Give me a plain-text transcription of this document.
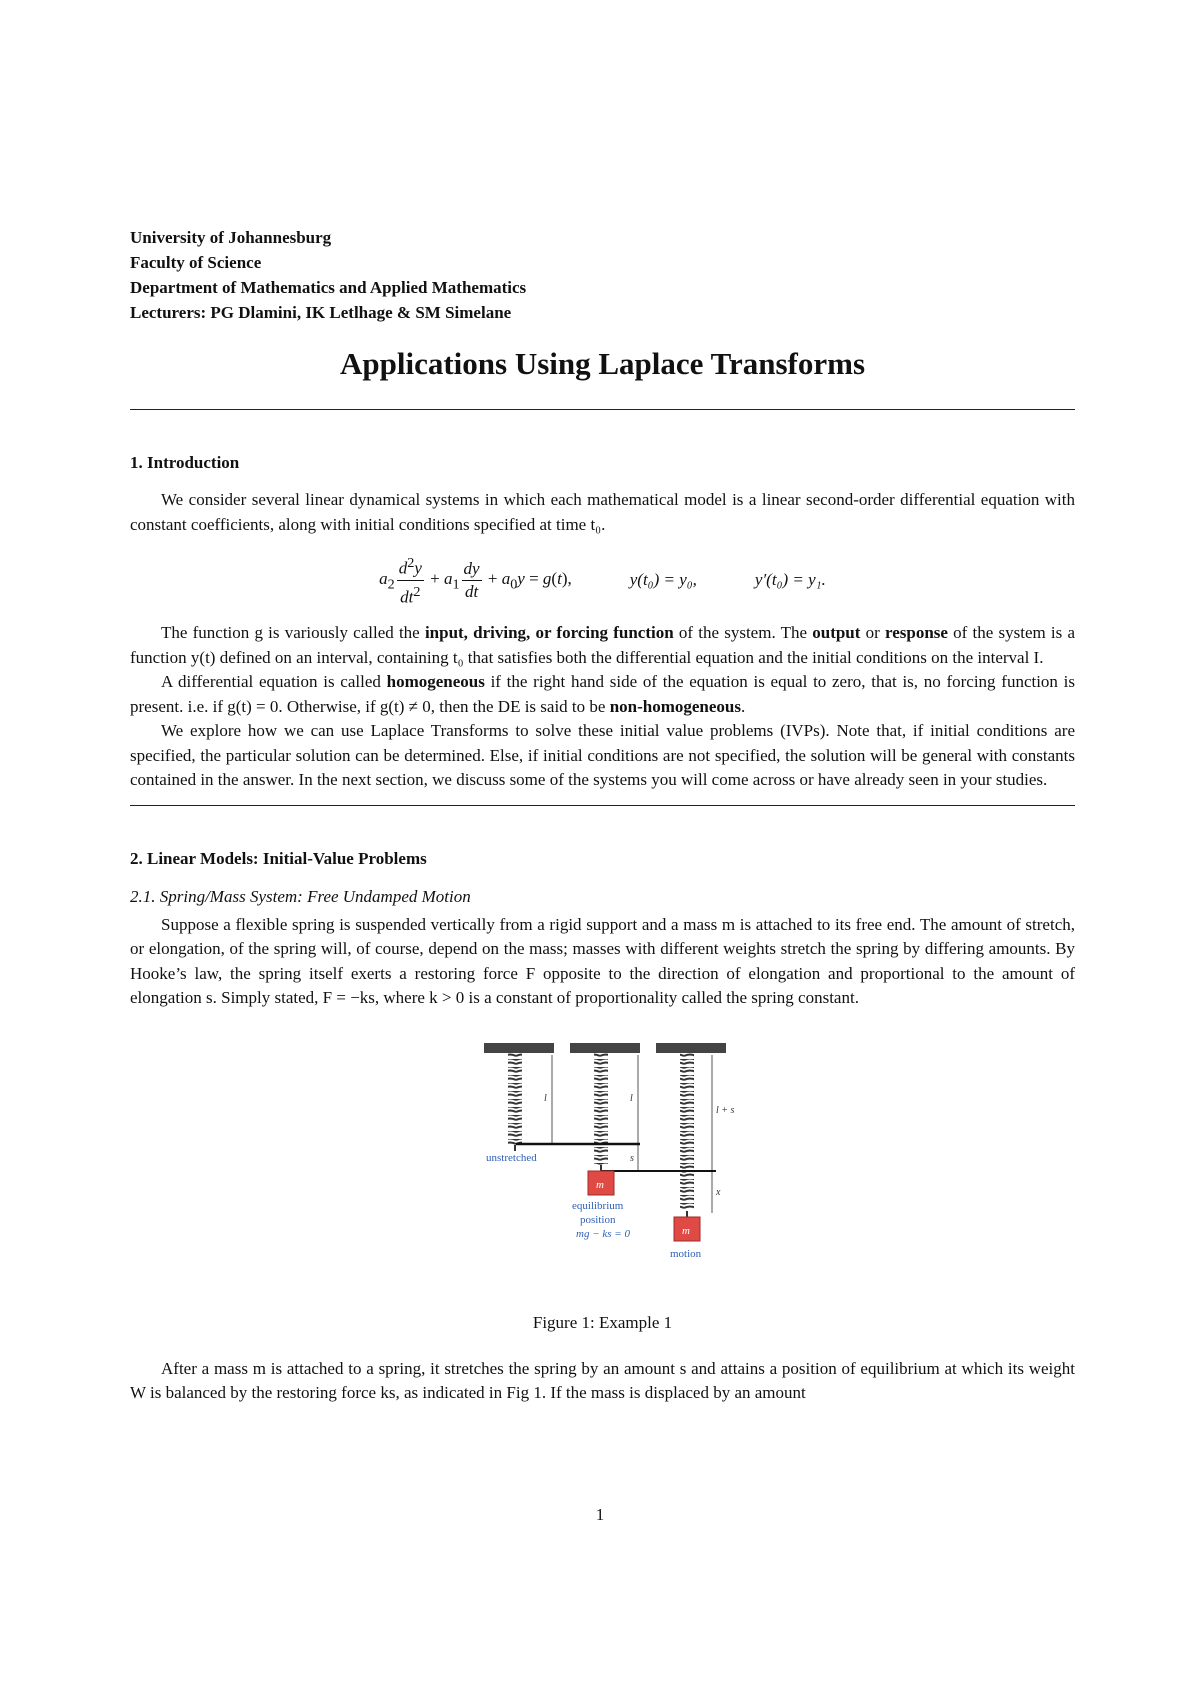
University of Johannesburg
Faculty of Science
Department of Mathematics and Applied Mathematics
Lecturers: PG Dlamini, IK Letlhage & SM Simelane
Applications Using Laplace Transforms
1. Introduction

We consider several linear dynamical systems in which each mathematical model is a linear second-order differential equation with constant coefficients, along with initial conditions specified at time t₀.

$a_2 \frac{d^2y}{dt^2} + a_1 \frac{dy}{dt} + a_0y = g(t)$,	y(t₀) = y₀,	y′(t₀) = y₁.

The function g is variously called the input, driving, or forcing function of the system. The output or response of the system is a function y(t) defined on an interval, containing t₀ that satisfies both the differential equation and the initial conditions on the interval I.

A differential equation is called homogeneous if the right hand side of the equation is equal to zero, that is, no forcing function is present. i.e. if g(t) = 0. Otherwise, if g(t) ≠ 0, then the DE is said to be non-homogeneous.

We explore how we can use Laplace Transforms to solve these initial value problems (IVPs). Note that, if initial conditions are specified, the particular solution can be determined. Else, if initial conditions are not specified, the solution will be general with constants contained in the answer. In the next section, we discuss some of the systems you will come across or have already seen in your studies.

2. Linear Models: Initial-Value Problems
2.1. Spring/Mass System: Free Undamped Motion

Suppose a flexible spring is suspended vertically from a rigid support and a mass m is attached to its free end. The amount of stretch, or elongation, of the spring will, of course, depend on the mass; masses with different weights stretch the spring by differing amounts. By Hooke’s law, the spring itself exerts a restoring force F opposite to the direction of elongation and proportional to the amount of elongation s. Simply stated, F = −ks, where k > 0 is a constant of proportionality called the spring constant.

m
m
l	l
l + s
s
x
unstretched
equilibrium
position
mg − ks = 0
motion
Figure 1: Example 1

After a mass m is attached to a spring, it stretches the spring by an amount s and attains a position of equilibrium at which its weight W is balanced by the restoring force ks, as indicated in Fig 1. If the mass is displaced by an amount

1
